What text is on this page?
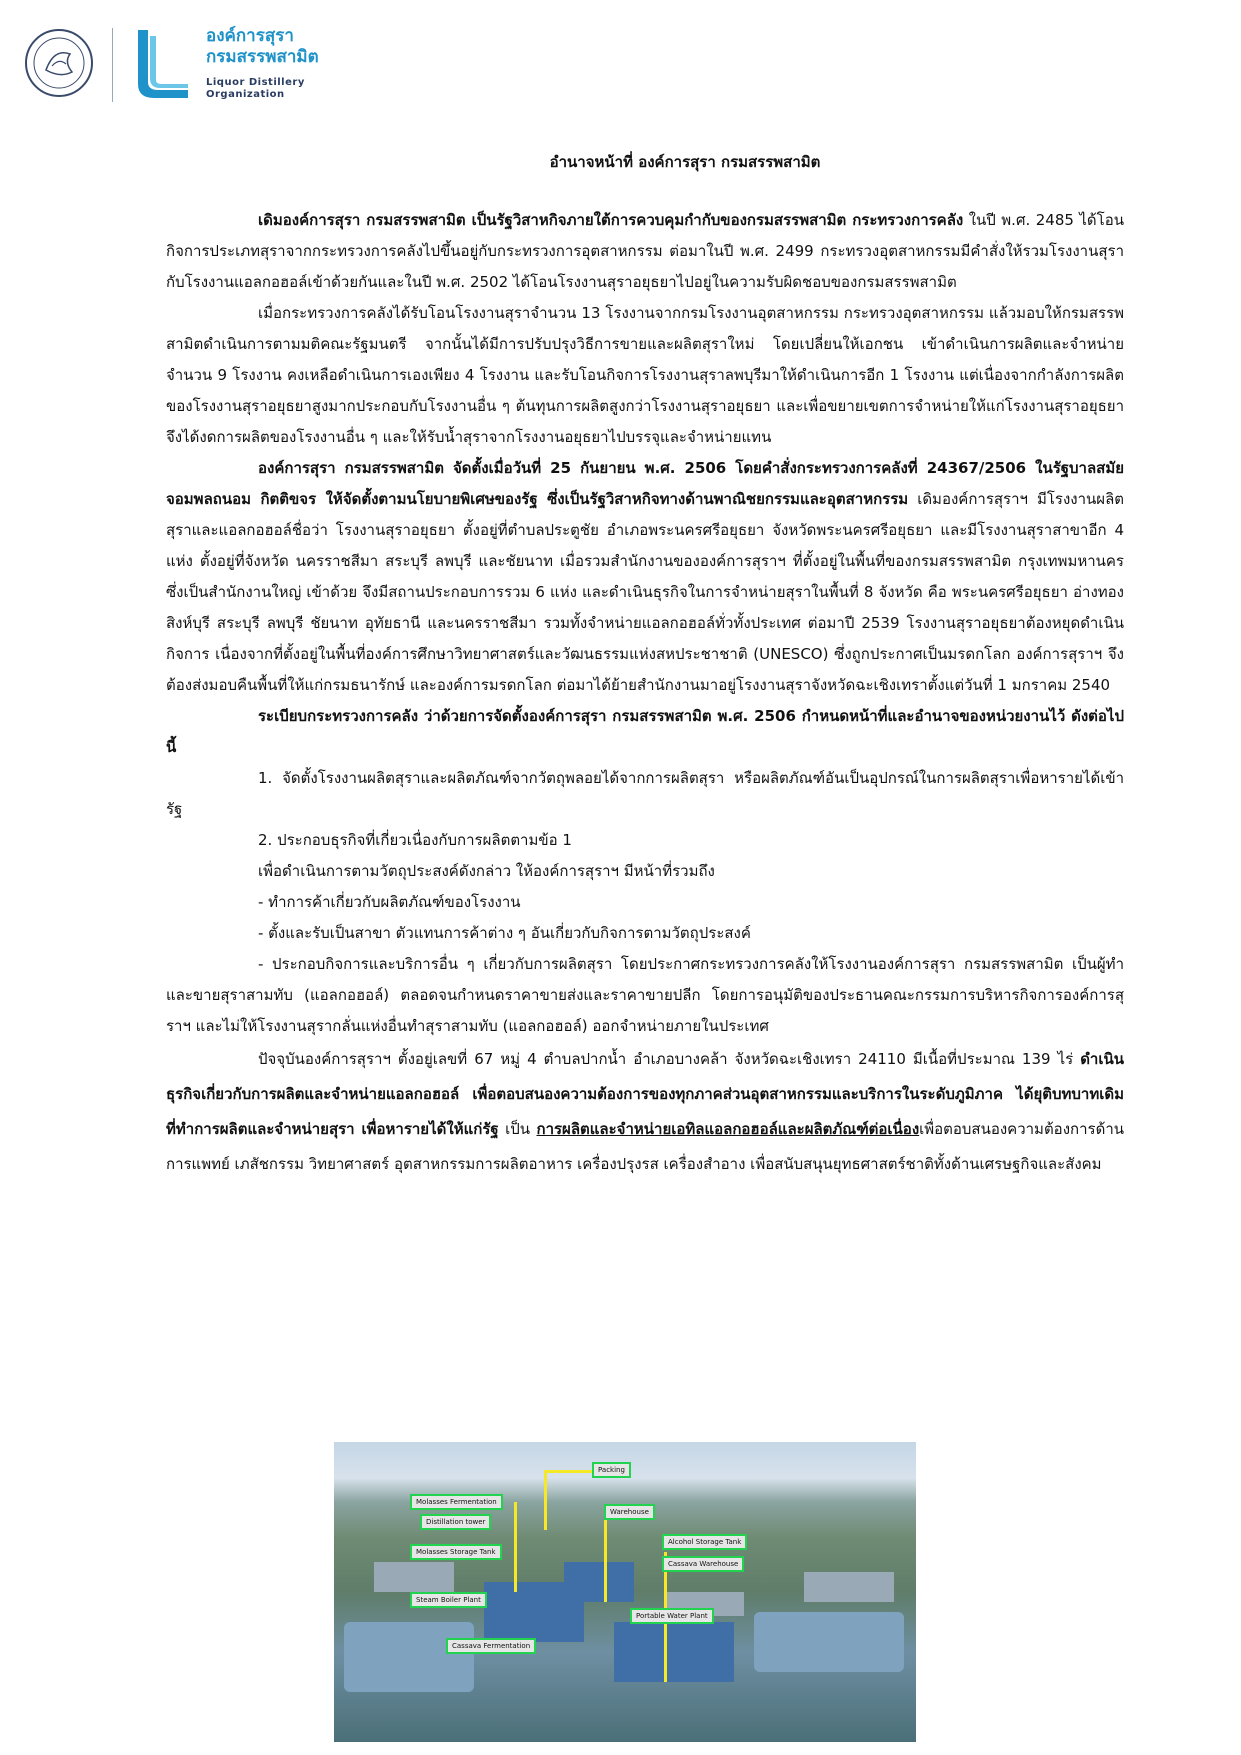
องค์การสุรา
กรมสรรพสามิต
Liquor Distillery
Organization
อำนาจหน้าที่ องค์การสุรา กรมสรรพสามิต

เดิมองค์การสุรา กรมสรรพสามิต เป็นรัฐวิสาหกิจภายใต้การควบคุมกำกับของกรมสรรพสามิต กระทรวงการคลัง ในปี พ.ศ. 2485 ได้โอนกิจการประเภทสุราจากกระทรวงการคลังไปขึ้นอยู่กับกระทรวงการอุตสาหกรรม ต่อมาในปี พ.ศ. 2499 กระทรวงอุตสาหกรรมมีคำสั่งให้รวมโรงงานสุรากับโรงงานแอลกอฮอล์เข้าด้วยกันและในปี พ.ศ. 2502 ได้โอนโรงงานสุราอยุธยาไปอยู่ในความรับผิดชอบของกรมสรรพสามิต

เมื่อกระทรวงการคลังได้รับโอนโรงงานสุราจำนวน 13 โรงงานจากกรมโรงงานอุตสาหกรรม กระทรวงอุตสาหกรรม แล้วมอบให้กรมสรรพสามิตดำเนินการตามมติคณะรัฐมนตรี จากนั้นได้มีการปรับปรุงวิธีการขายและผลิตสุราใหม่ โดยเปลี่ยนให้เอกชน เข้าดำเนินการผลิตและจำหน่ายจำนวน 9 โรงงาน คงเหลือดำเนินการเองเพียง 4 โรงงาน และรับโอนกิจการโรงงานสุราลพบุรีมาให้ดำเนินการอีก 1 โรงงาน แต่เนื่องจากกำลังการผลิตของโรงงานสุราอยุธยาสูงมากประกอบกับโรงงานอื่น ๆ ต้นทุนการผลิตสูงกว่าโรงงานสุราอยุธยา และเพื่อขยายเขตการจำหน่ายให้แก่โรงงานสุราอยุธยา จึงได้งดการผลิตของโรงงานอื่น ๆ และให้รับน้ำสุราจากโรงงานอยุธยาไปบรรจุและจำหน่ายแทน

องค์การสุรา กรมสรรพสามิต จัดตั้งเมื่อวันที่ 25 กันยายน พ.ศ. 2506 โดยคำสั่งกระทรวงการคลังที่ 24367/2506 ในรัฐบาลสมัยจอมพลถนอม กิตติขจร ให้จัดตั้งตามนโยบายพิเศษของรัฐ ซึ่งเป็นรัฐวิสาหกิจทางด้านพาณิชยกรรมและอุตสาหกรรม เดิมองค์การสุราฯ มีโรงงานผลิตสุราและแอลกอฮอล์ชื่อว่า โรงงานสุราอยุธยา ตั้งอยู่ที่ตำบลประตูชัย อำเภอพระนครศรีอยุธยา จังหวัดพระนครศรีอยุธยา และมีโรงงานสุราสาขาอีก 4 แห่ง ตั้งอยู่ที่จังหวัด นครราชสีมา สระบุรี ลพบุรี และชัยนาท เมื่อรวมสำนักงานขององค์การสุราฯ ที่ตั้งอยู่ในพื้นที่ของกรมสรรพสามิต กรุงเทพมหานคร ซึ่งเป็นสำนักงานใหญ่ เข้าด้วย จึงมีสถานประกอบการรวม 6 แห่ง และดำเนินธุรกิจในการจำหน่ายสุราในพื้นที่ 8 จังหวัด คือ พระนครศรีอยุธยา อ่างทอง สิงห์บุรี สระบุรี ลพบุรี ชัยนาท อุทัยธานี และนครราชสีมา รวมทั้งจำหน่ายแอลกอฮอล์ทั่วทั้งประเทศ ต่อมาปี 2539 โรงงานสุราอยุธยาต้องหยุดดำเนินกิจการ เนื่องจากที่ตั้งอยู่ในพื้นที่องค์การศึกษาวิทยาศาสตร์และวัฒนธรรมแห่งสหประชาชาติ (UNESCO) ซึ่งถูกประกาศเป็นมรดกโลก องค์การสุราฯ จึงต้องส่งมอบคืนพื้นที่ให้แก่กรมธนารักษ์ และองค์การมรดกโลก ต่อมาได้ย้ายสำนักงานมาอยู่โรงงานสุราจังหวัดฉะเชิงเทราตั้งแต่วันที่ 1 มกราคม 2540

ระเบียบกระทรวงการคลัง ว่าด้วยการจัดตั้งองค์การสุรา กรมสรรพสามิต พ.ศ. 2506 กำหนดหน้าที่และอำนาจของหน่วยงานไว้ ดังต่อไปนี้

1. จัดตั้งโรงงานผลิตสุราและผลิตภัณฑ์จากวัตถุพลอยได้จากการผลิตสุรา หรือผลิตภัณฑ์อันเป็นอุปกรณ์ในการผลิตสุราเพื่อหารายได้เข้ารัฐ

2. ประกอบธุรกิจที่เกี่ยวเนื่องกับการผลิตตามข้อ 1

เพื่อดำเนินการตามวัตถุประสงค์ดังกล่าว ให้องค์การสุราฯ มีหน้าที่รวมถึง

- ทำการค้าเกี่ยวกับผลิตภัณฑ์ของโรงงาน

- ตั้งและรับเป็นสาขา ตัวแทนการค้าต่าง ๆ อันเกี่ยวกับกิจการตามวัตถุประสงค์

- ประกอบกิจการและบริการอื่น ๆ เกี่ยวกับการผลิตสุรา โดยประกาศกระทรวงการคลังให้โรงงานองค์การสุรา กรมสรรพสามิต เป็นผู้ทำและขายสุราสามทับ (แอลกอฮอล์) ตลอดจนกำหนดราคาขายส่งและราคาขายปลีก โดยการอนุมัติของประธานคณะกรรมการบริหารกิจการองค์การสุราฯ และไม่ให้โรงงานสุรากลั่นแห่งอื่นทำสุราสามทับ (แอลกอฮอล์) ออกจำหน่ายภายในประเทศ

ปัจจุบันองค์การสุราฯ ตั้งอยู่เลขที่ 67 หมู่ 4 ตำบลปากน้ำ อำเภอบางคล้า จังหวัดฉะเชิงเทรา 24110 มีเนื้อที่ประมาณ 139 ไร่ ดำเนินธุรกิจเกี่ยวกับการผลิตและจำหน่ายแอลกอฮอล์ เพื่อตอบสนองความต้องการของทุกภาคส่วนอุตสาหกรรมและบริการในระดับภูมิภาค ได้ยุติบทบาทเดิมที่ทำการผลิตและจำหน่ายสุรา เพื่อหารายได้ให้แก่รัฐ เป็น การผลิตและจำหน่ายเอทิลแอลกอฮอล์และผลิตภัณฑ์ต่อเนื่องเพื่อตอบสนองความต้องการด้านการแพทย์ เภสัชกรรม วิทยาศาสตร์ อุตสาหกรรมการผลิตอาหาร เครื่องปรุงรส เครื่องสำอาง เพื่อสนับสนุนยุทธศาสตร์ชาติทั้งด้านเศรษฐกิจและสังคม

Packing
Molasses Fermentation
Warehouse
Distillation tower
Alcohol Storage Tank
Molasses Storage Tank
Cassava Warehouse
Steam Boiler Plant
Portable Water Plant
Cassava Fermentation
